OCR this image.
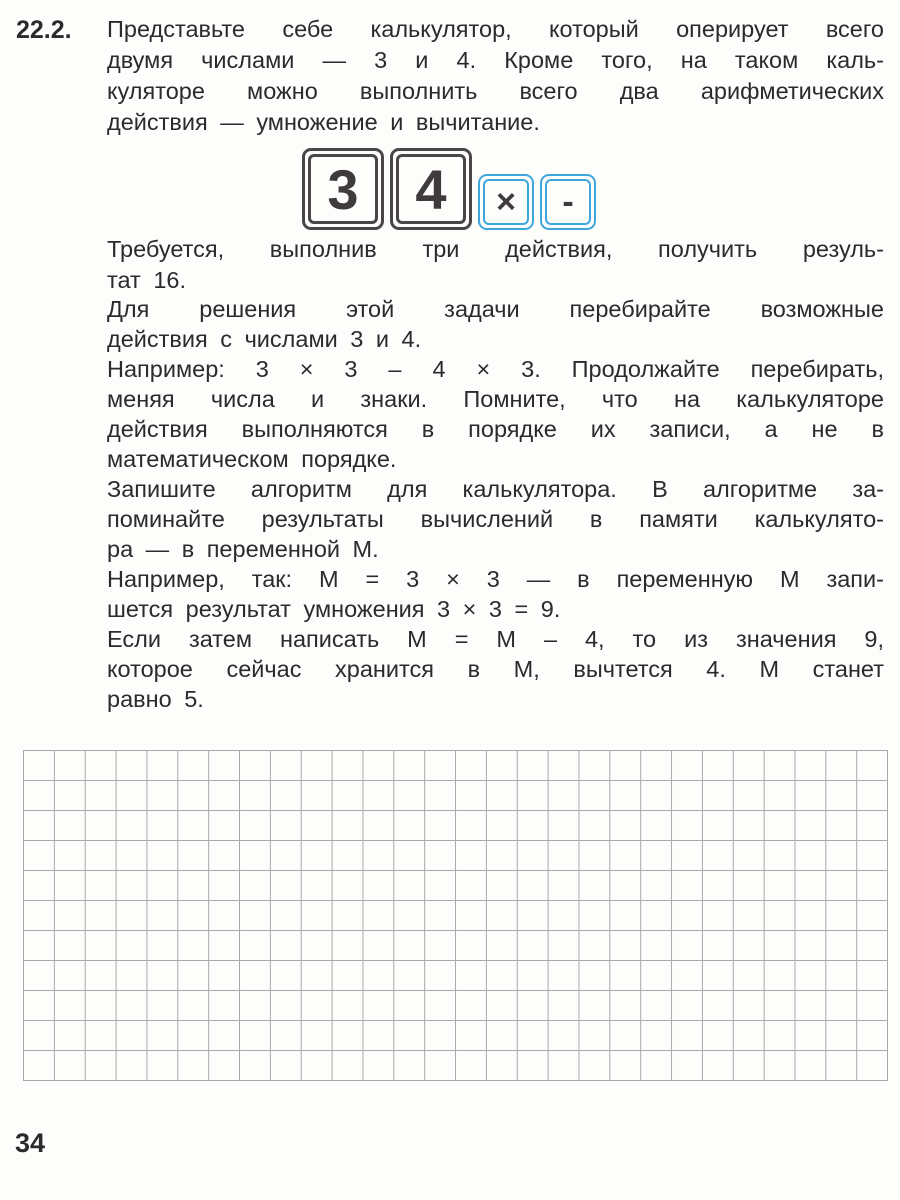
22.2. Представьте себе калькулятор, который оперирует всего
двумя числами — 3 и 4. Кроме того, на таком каль-
куляторе можно выполнить всего два арифметических
действия — умножение и вычитание.
3	4	×	-
Требуется, выполнив три действия, получить резуль-
тат 16.
Для решения этой задачи перебирайте возможные
действия с числами 3 и 4.
Например: 3 × 3 – 4 × 3. Продолжайте перебирать,
меняя числа и знаки. Помните, что на калькуляторе
действия выполняются в порядке их записи, а не в
математическом порядке.
Запишите алгоритм для калькулятора. В алгоритме за-
поминайте результаты вычислений в памяти калькулято-
ра — в переменной М.
Например, так: М = 3 × 3 — в переменную М запи-
шется результат умножения 3 × 3 = 9.
Если затем написать М = М – 4, то из значения 9,
которое сейчас хранится в М, вычтется 4. М станет
равно 5.
34
